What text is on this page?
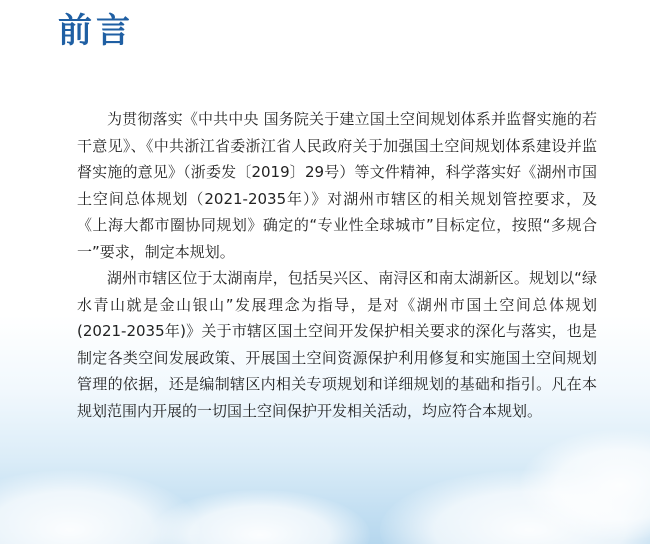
前言

为贯彻落实《中共中央 国务院关于建立国土空间规划体系并监督实施的若干意见》、《中共浙江省委浙江省人民政府关于加强国土空间规划体系建设并监督实施的意见》（浙委发〔2019〕29号）等文件精神，科学落实好《湖州市国土空间总体规划（2021-2035年）》对湖州市辖区的相关规划管控要求，及《上海大都市圈协同规划》确定的“专业性全球城市”目标定位，按照“多规合一”要求，制定本规划。

湖州市辖区位于太湖南岸，包括吴兴区、南浔区和南太湖新区。规划以“绿水青山就是金山银山”发展理念为指导，是对《湖州市国土空间总体规划(2021-2035年)》关于市辖区国土空间开发保护相关要求的深化与落实，也是制定各类空间发展政策、开展国土空间资源保护利用修复和实施国土空间规划管理的依据，还是编制辖区内相关专项规划和详细规划的基础和指引。凡在本规划范围内开展的一切国土空间保护开发相关活动，均应符合本规划。
